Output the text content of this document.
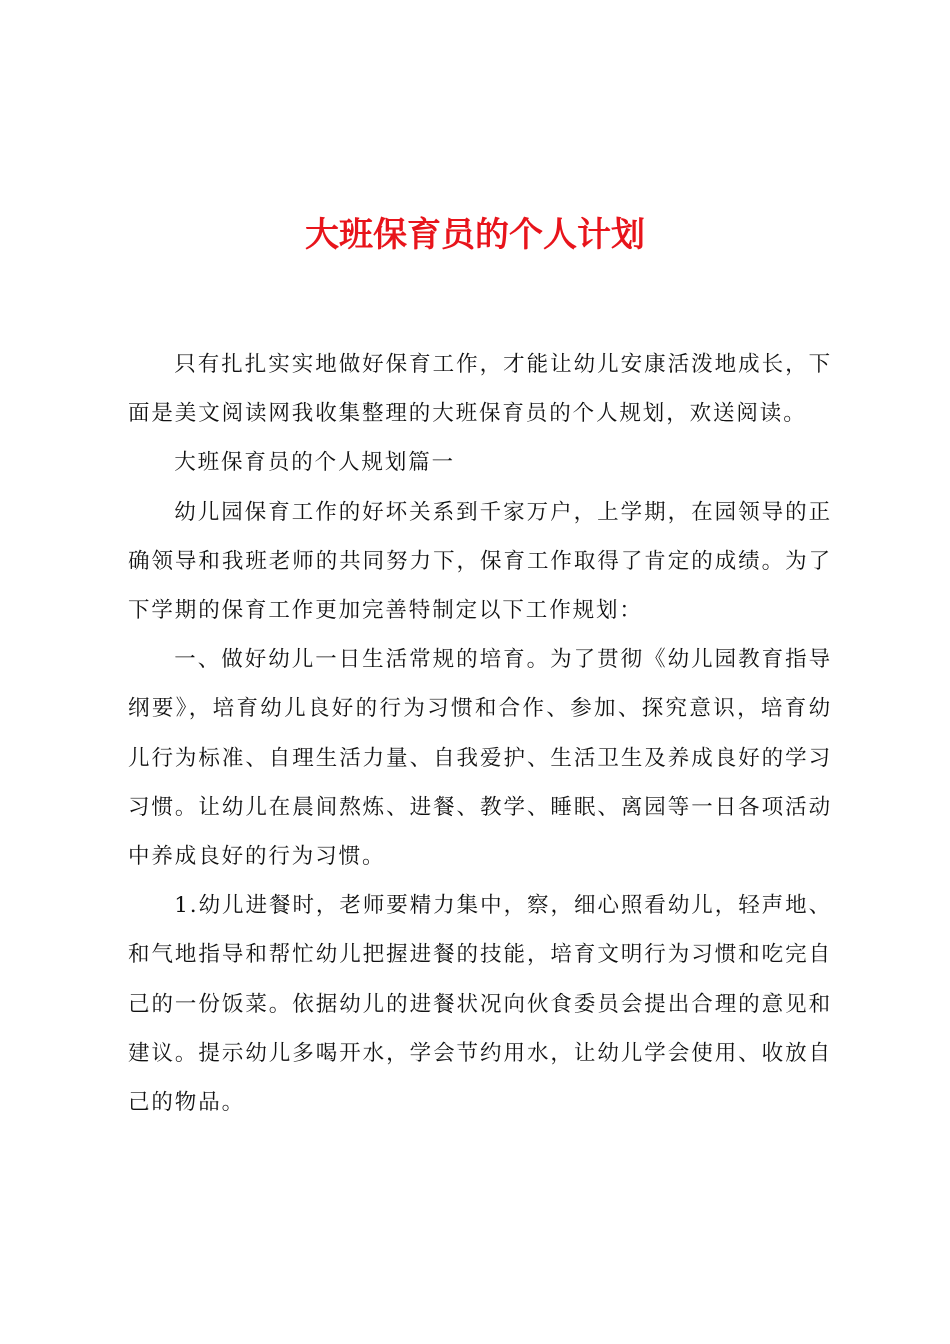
大班保育员的个人计划

只有扎扎实实地做好保育工作，才能让幼儿安康活泼地成长，下面是美文阅读网我收集整理的大班保育员的个人规划，欢送阅读。

大班保育员的个人规划篇一

幼儿园保育工作的好坏关系到千家万户，上学期，在园领导的正确领导和我班老师的共同努力下，保育工作取得了肯定的成绩。为了下学期的保育工作更加完善特制定以下工作规划：

一、做好幼儿一日生活常规的培育。为了贯彻《幼儿园教育指导纲要》，培育幼儿良好的行为习惯和合作、参加、探究意识，培育幼儿行为标准、自理生活力量、自我爱护、生活卫生及养成良好的学习习惯。让幼儿在晨间熬炼、进餐、教学、睡眠、离园等一日各项活动中养成良好的行为习惯。

1.幼儿进餐时，老师要精力集中，察，细心照看幼儿，轻声地、和气地指导和帮忙幼儿把握进餐的技能，培育文明行为习惯和吃完自己的一份饭菜。依据幼儿的进餐状况向伙食委员会提出合理的意见和建议。提示幼儿多喝开水，学会节约用水，让幼儿学会使用、收放自己的物品。
